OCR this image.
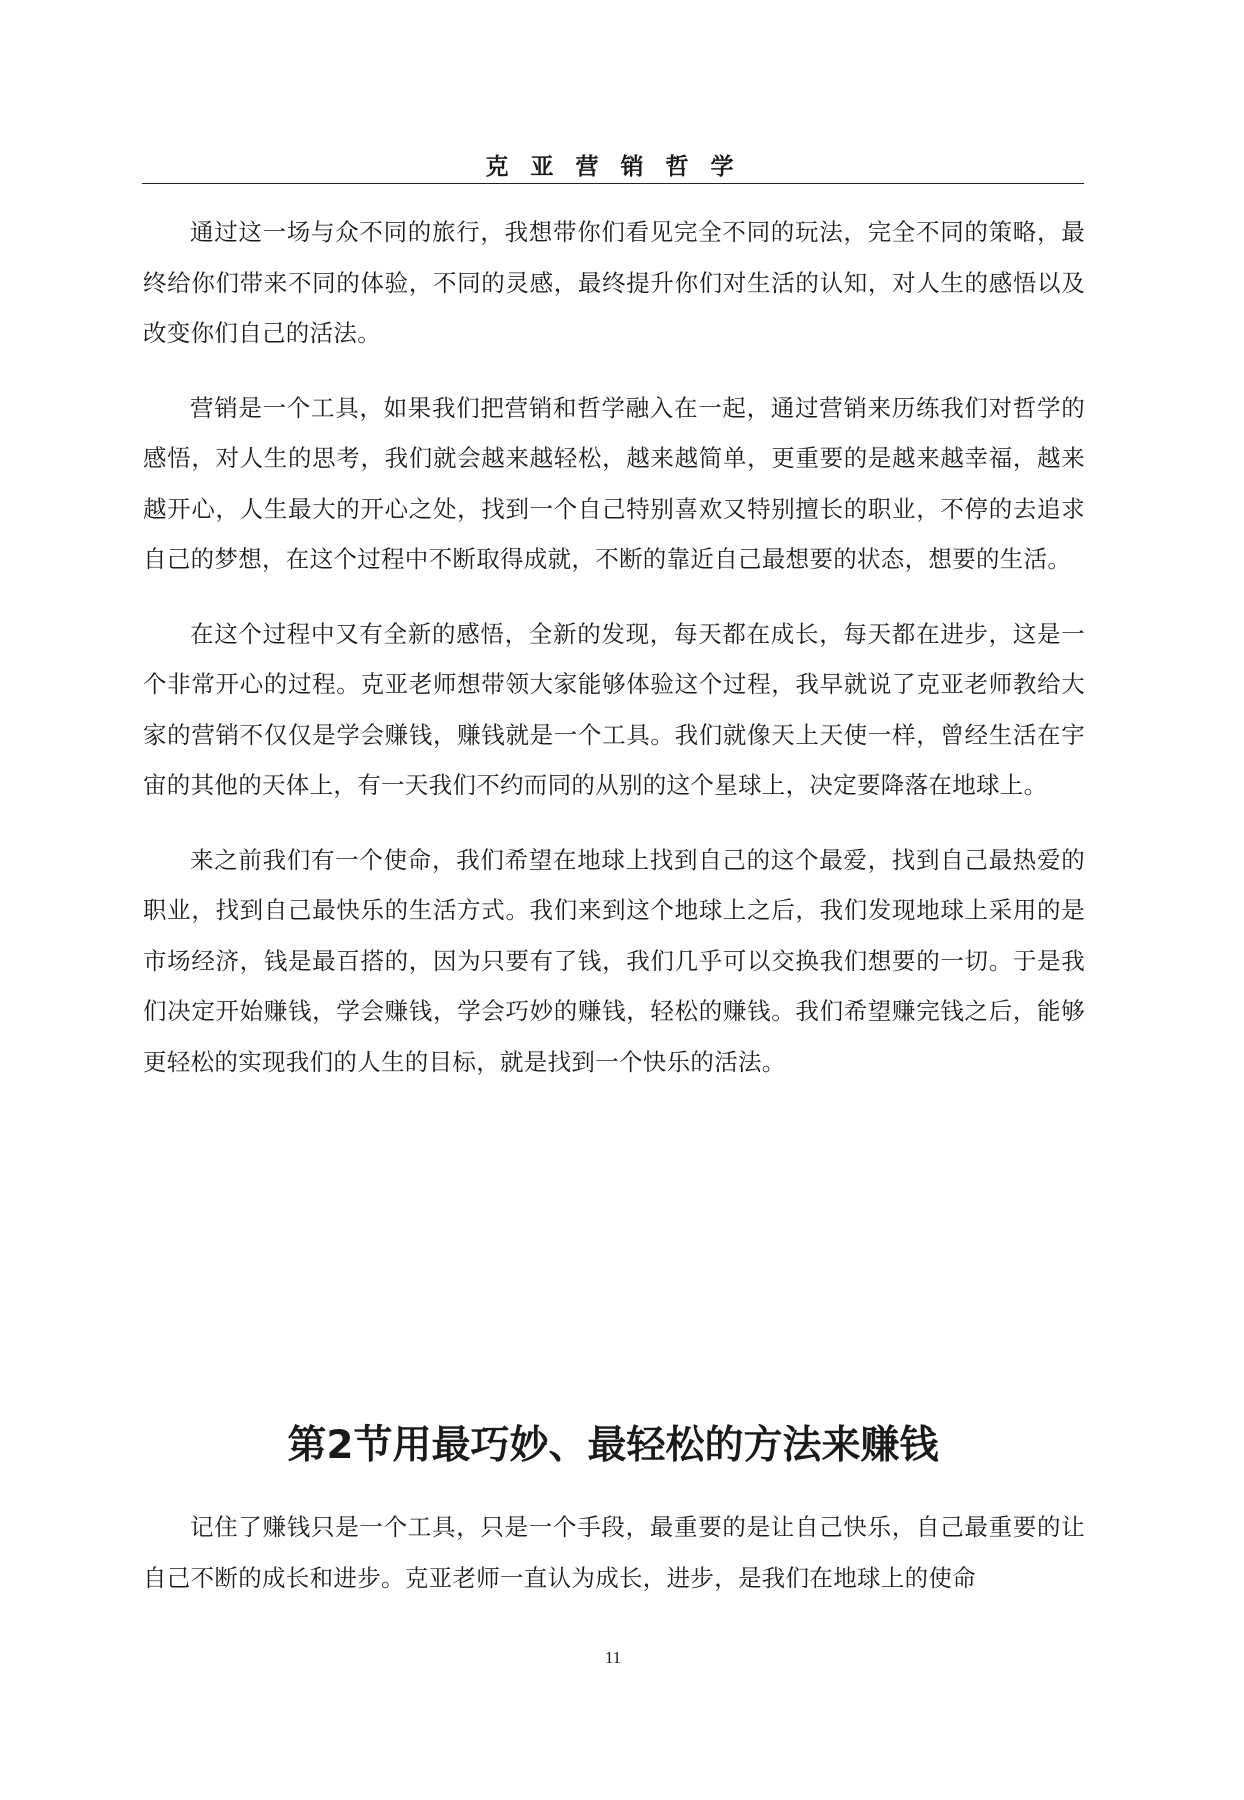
克 亚 营 销 哲 学

通过这一场与众不同的旅行，我想带你们看见完全不同的玩法，完全不同的策略，最终给你们带来不同的体验，不同的灵感，最终提升你们对生活的认知，对人生的感悟以及改变你们自己的活法。

营销是一个工具，如果我们把营销和哲学融入在一起，通过营销来历练我们对哲学的感悟，对人生的思考，我们就会越来越轻松，越来越简单，更重要的是越来越幸福，越来越开心，人生最大的开心之处，找到一个自己特别喜欢又特别擅长的职业，不停的去追求自己的梦想，在这个过程中不断取得成就，不断的靠近自己最想要的状态，想要的生活。

在这个过程中又有全新的感悟，全新的发现，每天都在成长，每天都在进步，这是一个非常开心的过程。克亚老师想带领大家能够体验这个过程，我早就说了克亚老师教给大家的营销不仅仅是学会赚钱，赚钱就是一个工具。我们就像天上天使一样，曾经生活在宇宙的其他的天体上，有一天我们不约而同的从别的这个星球上，决定要降落在地球上。

来之前我们有一个使命，我们希望在地球上找到自己的这个最爱，找到自己最热爱的职业，找到自己最快乐的生活方式。我们来到这个地球上之后，我们发现地球上采用的是市场经济，钱是最百搭的，因为只要有了钱，我们几乎可以交换我们想要的一切。于是我们决定开始赚钱，学会赚钱，学会巧妙的赚钱，轻松的赚钱。我们希望赚完钱之后，能够更轻松的实现我们的人生的目标，就是找到一个快乐的活法。

第2节用最巧妙、最轻松的方法来赚钱

记住了赚钱只是一个工具，只是一个手段，最重要的是让自己快乐，自己最重要的让自己不断的成长和进步。克亚老师一直认为成长，进步，是我们在地球上的使命

11
